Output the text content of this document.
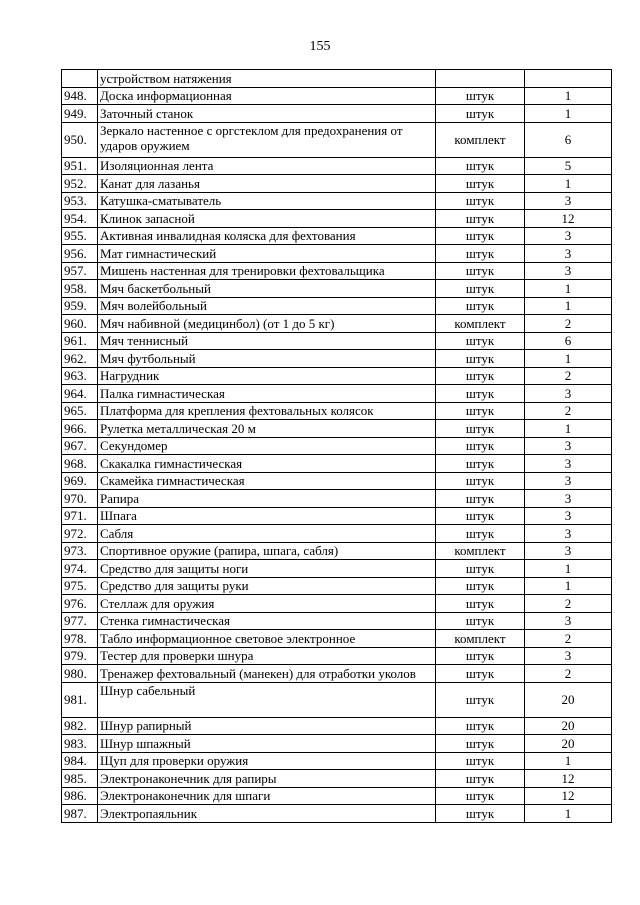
155
	устройством натяжения		
948.	Доска информационная	штук	1
949.	Заточный станок	штук	1
950.	Зеркало настенное с оргстеклом для предохранения от ударов оружием	комплект	6
951.	Изоляционная лента	штук	5
952.	Канат для лазанья	штук	1
953.	Катушка-сматыватель	штук	3
954.	Клинок запасной	штук	12
955.	Активная инвалидная коляска для фехтования	штук	3
956.	Мат гимнастический	штук	3
957.	Мишень настенная для тренировки фехтовальщика	штук	3
958.	Мяч баскетбольный	штук	1
959.	Мяч волейбольный	штук	1
960.	Мяч набивной (медицинбол) (от 1 до 5 кг)	комплект	2
961.	Мяч теннисный	штук	6
962.	Мяч футбольный	штук	1
963.	Нагрудник	штук	2
964.	Палка гимнастическая	штук	3
965.	Платформа для крепления фехтовальных колясок	штук	2
966.	Рулетка металлическая 20 м	штук	1
967.	Секундомер	штук	3
968.	Скакалка гимнастическая	штук	3
969.	Скамейка гимнастическая	штук	3
970.	Рапира	штук	3
971.	Шпага	штук	3
972.	Сабля	штук	3
973.	Спортивное оружие (рапира, шпага, сабля)	комплект	3
974.	Средство для защиты ноги	штук	1
975.	Средство для защиты руки	штук	1
976.	Стеллаж для оружия	штук	2
977.	Стенка гимнастическая	штук	3
978.	Табло информационное световое электронное	комплект	2
979.	Тестер для проверки шнура	штук	3
980.	Тренажер фехтовальный (манекен) для отработки уколов	штук	2
981.	Шнур сабельный	штук	20
982.	Шнур рапирный	штук	20
983.	Шнур шпажный	штук	20
984.	Щуп для проверки оружия	штук	1
985.	Электронаконечник для рапиры	штук	12
986.	Электронаконечник для шпаги	штук	12
987.	Электропаяльник	штук	1
